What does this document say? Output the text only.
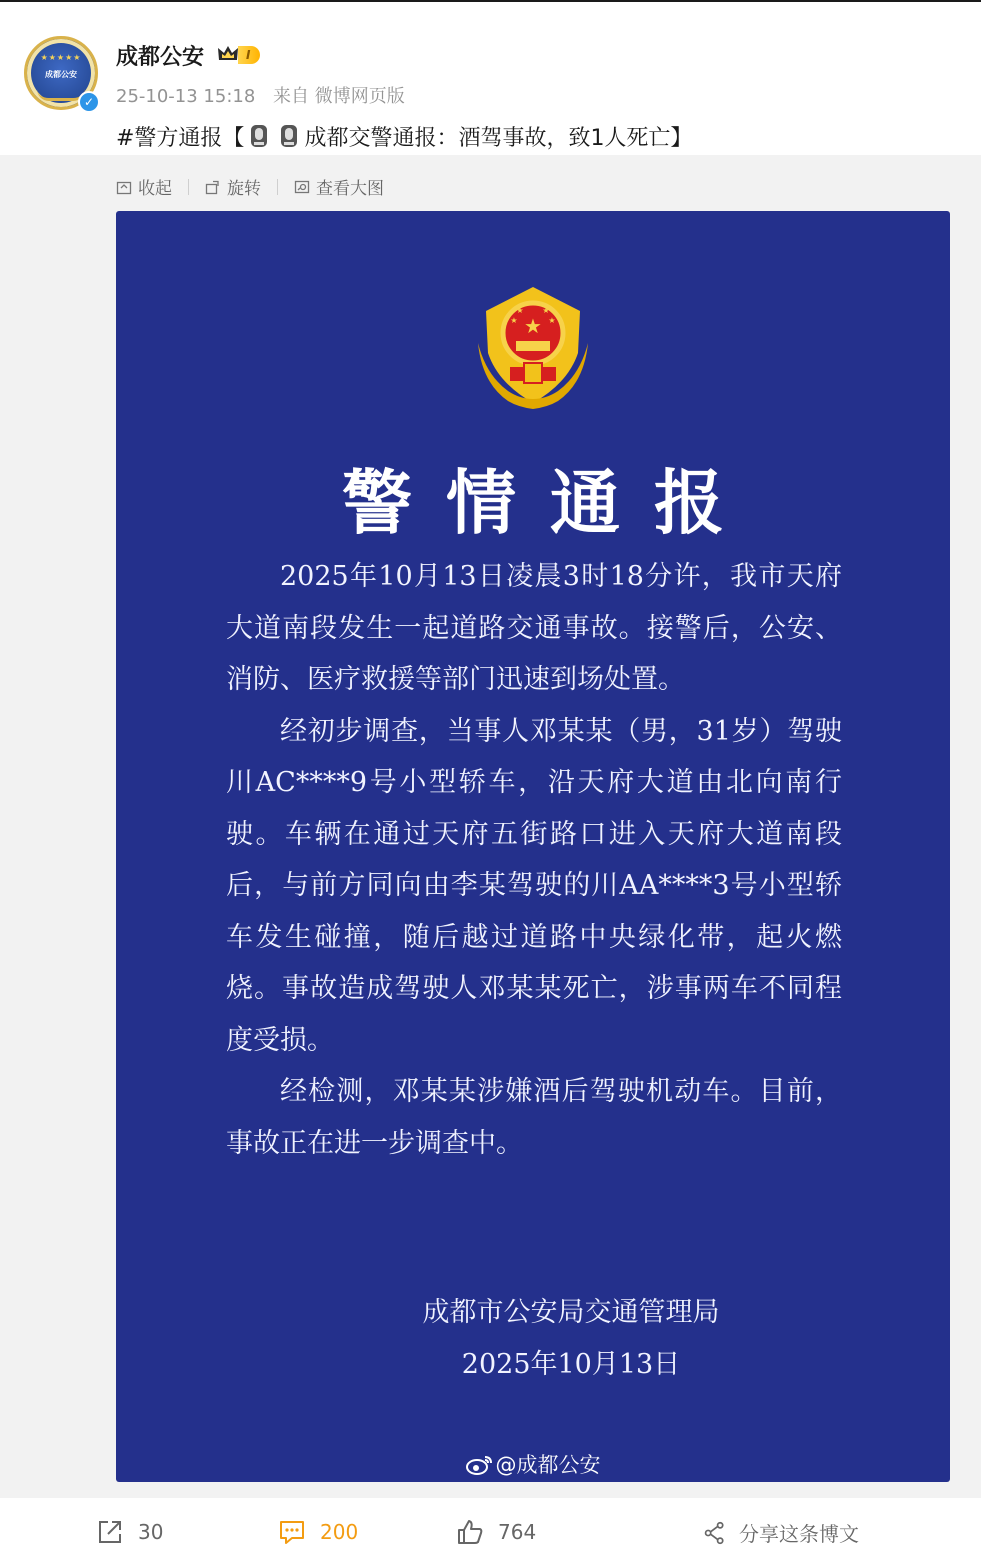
★★★★★
成都公安
✓
成都公安	I
25-10-13 15:18 来自 微博网页版
#警方通报【	成都交警通报：酒驾事故，致1人死亡】
收起	旋转	查看大图
★
★	★
★ ★
警情通报

2025年10月13日凌晨3时18分许，我市天府大道南段发生一起道路交通事故。接警后，公安、消防、医疗救援等部门迅速到场处置。

经初步调查，当事人邓某某（男，31岁）驾驶川AC****9号小型轿车，沿天府大道由北向南行驶。车辆在通过天府五街路口进入天府大道南段后，与前方同向由李某驾驶的川AA****3号小型轿车发生碰撞，随后越过道路中央绿化带，起火燃烧。事故造成驾驶人邓某某死亡，涉事两车不同程度受损。

经检测，邓某某涉嫌酒后驾驶机动车。目前，事故正在进一步调查中。

成都市公安局交通管理局
2025年10月13日
@成都公安
30	200	764	分享这条博文
